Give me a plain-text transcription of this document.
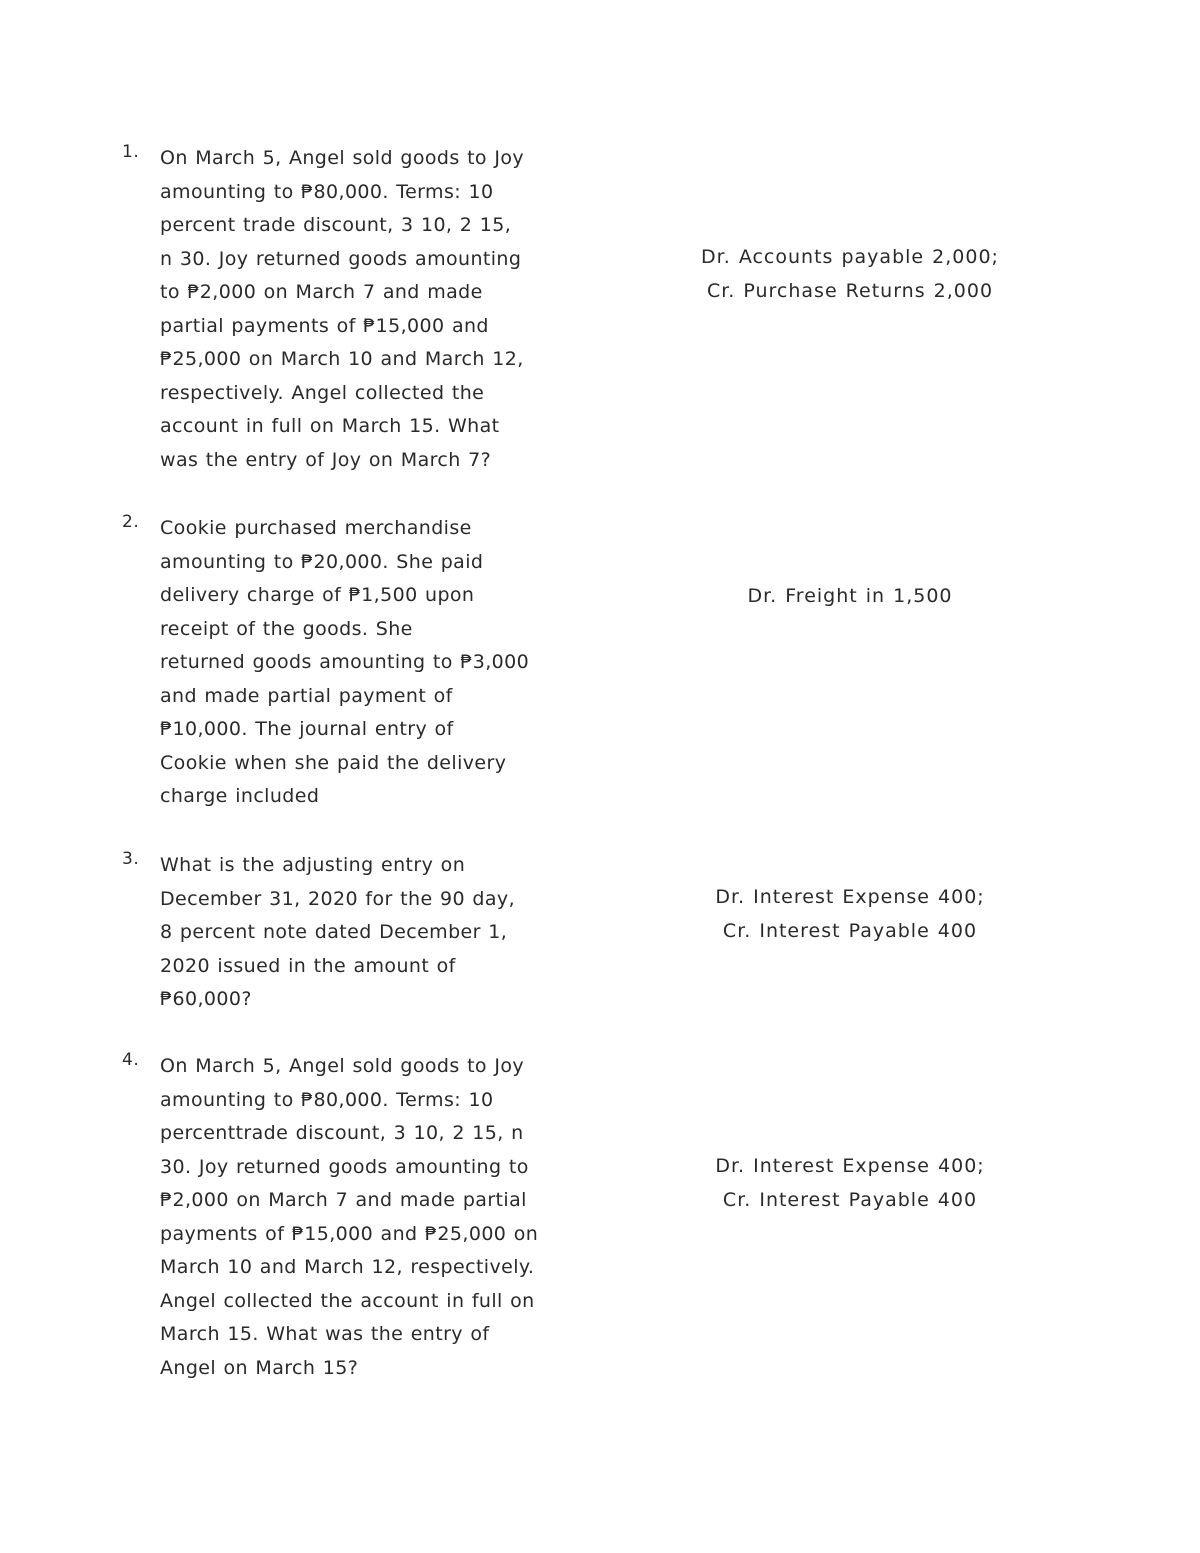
1.	On March 5, Angel sold goods to Joy
amounting to ₱80,000. Terms: 10
percent trade discount, 3 10, 2 15,
n 30. Joy returned goods amounting
to ₱2,000 on March 7 and made
partial payments of ₱15,000 and
₱25,000 on March 10 and March 12,
respectively. Angel collected the
account in full on March 15. What
was the entry of Joy on March 7?
Dr. Accounts payable 2,000;
Cr. Purchase Returns 2,000
2.	Cookie purchased merchandise
amounting to ₱20,000. She paid
delivery charge of ₱1,500 upon
receipt of the goods. She
returned goods amounting to ₱3,000
and made partial payment of
₱10,000. The journal entry of
Cookie when she paid the delivery
charge included
Dr. Freight in 1,500
3.	What is the adjusting entry on
December 31, 2020 for the 90 day,
8 percent note dated December 1,
2020 issued in the amount of
₱60,000?
Dr. Interest Expense 400;
Cr. Interest Payable 400
4.	On March 5, Angel sold goods to Joy
amounting to ₱80,000. Terms: 10
percenttrade discount, 3 10, 2 15, n
30. Joy returned goods amounting to
₱2,000 on March 7 and made partial
payments of ₱15,000 and ₱25,000 on
March 10 and March 12, respectively.
Angel collected the account in full on
March 15. What was the entry of
Angel on March 15?
Dr. Interest Expense 400;
Cr. Interest Payable 400
